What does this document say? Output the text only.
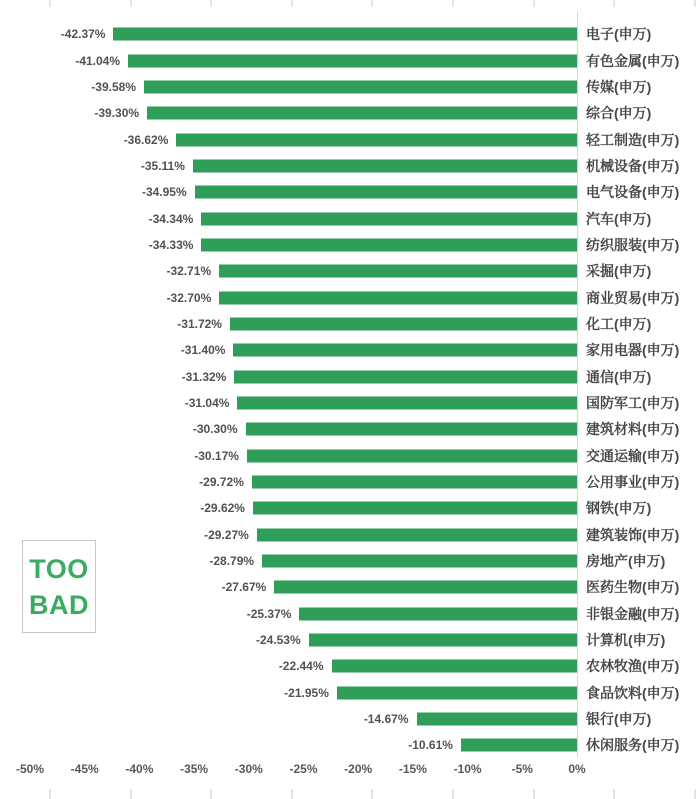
-42.37%	电子(申万)
-41.04%	有色金属(申万)
-39.58%	传媒(申万)
-39.30%	综合(申万)
-36.62%	轻工制造(申万)
-35.11%	机械设备(申万)
-34.95%	电气设备(申万)
-34.34%	汽车(申万)
-34.33%	纺织服装(申万)
-32.71%	采掘(申万)
-32.70%	商业贸易(申万)
-31.72%	化工(申万)
-31.40%	家用电器(申万)
-31.32%	通信(申万)
-31.04%	国防军工(申万)
-30.30%	建筑材料(申万)
-30.17%	交通运输(申万)
-29.72%	公用事业(申万)
-29.62%	钢铁(申万)
-29.27%	建筑装饰(申万)
-28.79%	房地产(申万)
-27.67%	医药生物(申万)
-25.37%	非银金融(申万)
-24.53%	计算机(申万)
-22.44%	农林牧渔(申万)
-21.95%	食品饮料(申万)
-14.67%	银行(申万)
-10.61%	休闲服务(申万)
-50% -45% -40% -35% -30% -25% -20% -15% -10%	-5%	0%
TOO
BAD
